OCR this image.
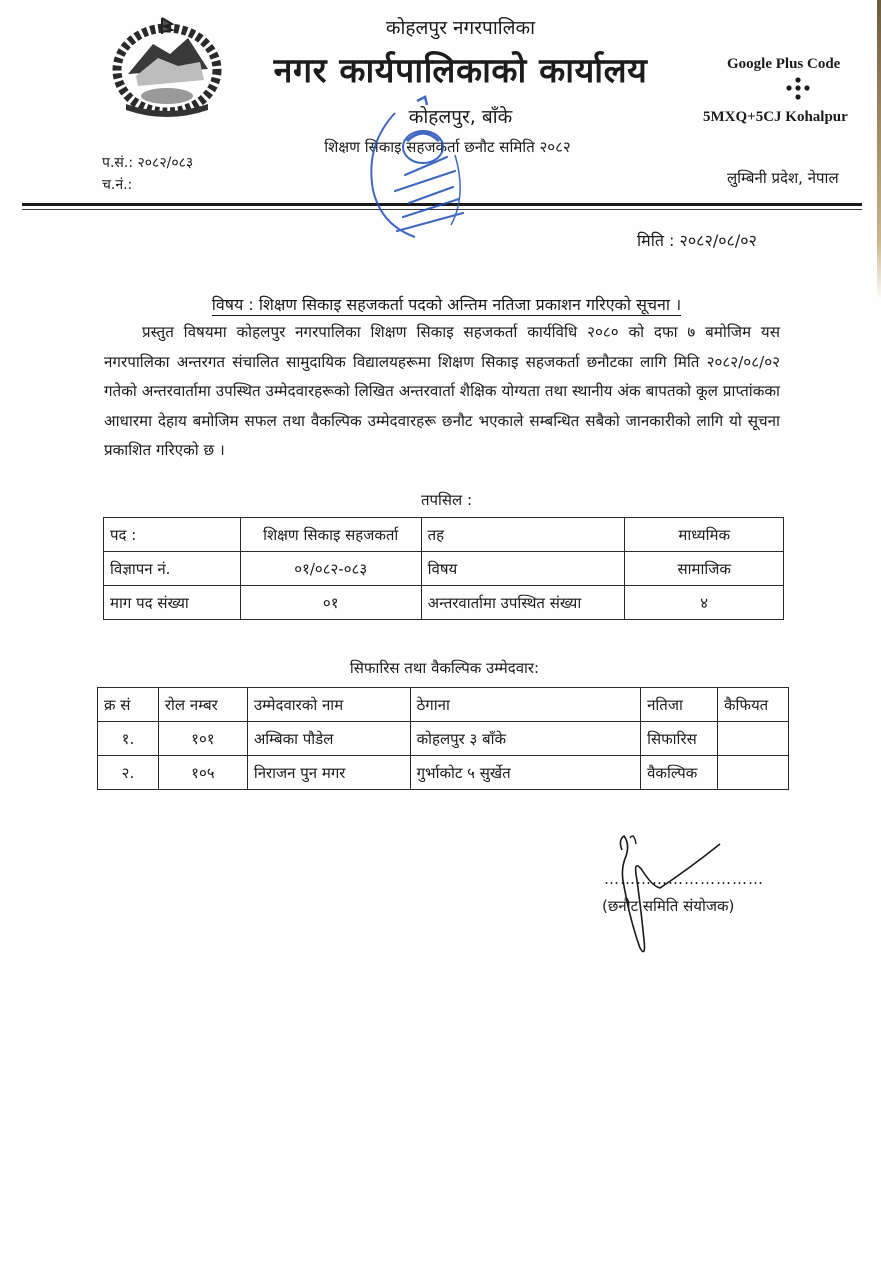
कोहलपुर नगरपालिका
नगर कार्यपालिकाको कार्यालय
कोहलपुर, बाँके
शिक्षण सिकाइ सहजकर्ता छनौट समिति २०८२
Google Plus Code
5MXQ+5CJ Kohalpur
लुम्बिनी प्रदेश, नेपाल
प.सं.: २०८२/०८३
च.नं.:
मिति : २०८२/०८/०२
विषय : शिक्षण सिकाइ सहजकर्ता पदको अन्तिम नतिजा प्रकाशन गरिएको सूचना ।

प्रस्तुत विषयमा कोहलपुर नगरपालिका शिक्षण सिकाइ सहजकर्ता कार्यविधि २०८० को दफा ७ बमोजिम यस नगरपालिका अन्तरगत संचालित सामुदायिक विद्यालयहरूमा शिक्षण सिकाइ सहजकर्ता छनौटका लागि मिति २०८२/०८/०२ गतेको अन्तरवार्तामा उपस्थित उम्मेदवारहरूको लिखित अन्तरवार्ता शैक्षिक योग्यता तथा स्थानीय अंक बापतको कूल प्राप्तांकका आधारमा देहाय बमोजिम सफल तथा वैकल्पिक उम्मेदवारहरू छनौट भएकाले सम्बन्धित सबैको जानकारीको लागि यो सूचना प्रकाशित गरिएको छ ।

तपसिल :
पद :	शिक्षण सिकाइ सहजकर्ता	तह	माध्यमिक
विज्ञापन नं.	०१/०८२-०८३	विषय	सामाजिक
माग पद संख्या	०१	अन्तरवार्तामा उपस्थित संख्या	४
सिफारिस तथा वैकल्पिक उम्मेदवार:
क्र सं	रोल नम्बर	उम्मेदवारको नाम	ठेगाना	नतिजा	कैफियत
१.	१०१	अम्बिका पौडेल	कोहलपुर ३ बाँके	सिफारिस	
२.	१०५	निराजन पुन मगर	गुर्भाकोट ५ सुर्खेत	वैकल्पिक	
…………………………
(छनौट समिति संयोजक)
